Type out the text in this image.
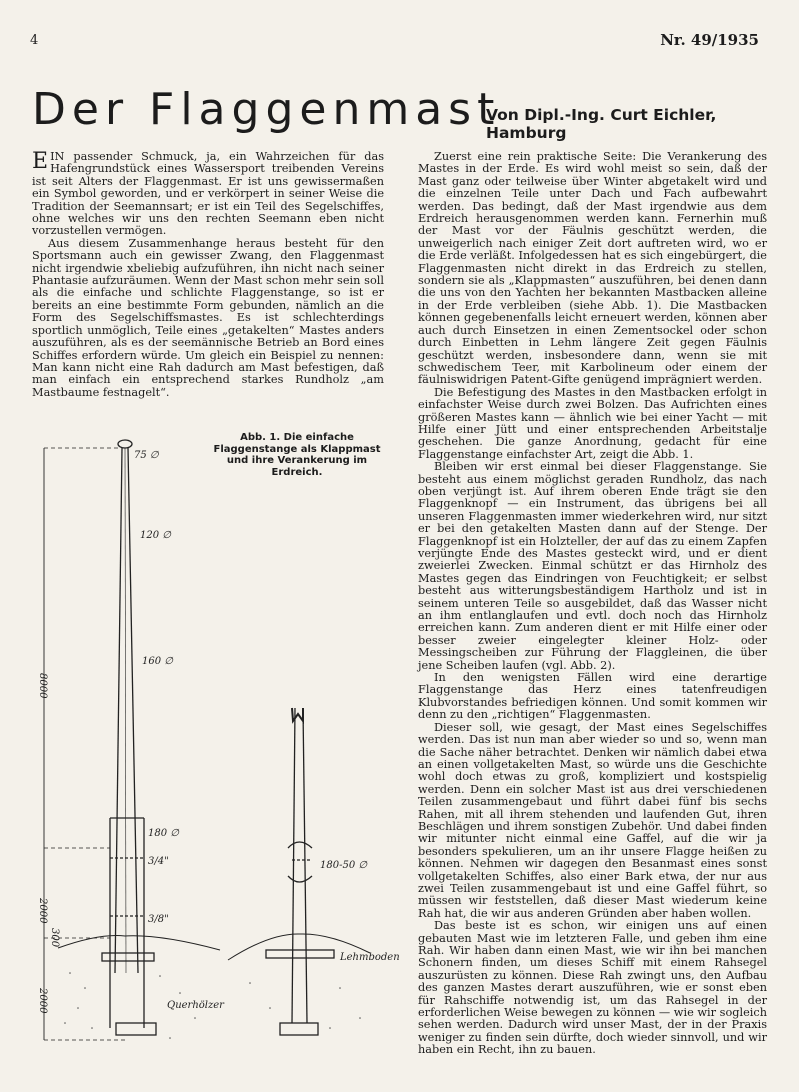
4	Nr. 49/1935
Der Flaggenmast
Von Dipl.-Ing. Curt Eichler, Hamburg

EIN passender Schmuck, ja, ein Wahrzeichen für das Hafengrundstück eines Wassersport treibenden Vereins ist seit Alters der Flaggenmast. Er ist uns gewissermaßen ein Symbol geworden, und er verkörpert in seiner Weise die Tradition der Seemannsart; er ist ein Teil des Segelschiffes, ohne welches wir uns den rechten Seemann eben nicht vorzustellen vermögen.

Aus diesem Zusammenhange heraus besteht für den Sportsmann auch ein gewisser Zwang, den Flaggenmast nicht irgendwie xbeliebig aufzuführen, ihn nicht nach seiner Phantasie aufzuräumen. Wenn der Mast schon mehr sein soll als die einfache und schlichte Flaggenstange, so ist er bereits an eine bestimmte Form gebunden, nämlich an die Form des Segelschiffsmastes. Es ist schlechterdings sportlich unmöglich, Teile eines „getakelten“ Mastes anders auszuführen, als es der seemännische Betrieb an Bord eines Schiffes erfordern würde. Um gleich ein Beispiel zu nennen: Man kann nicht eine Rah dadurch am Mast befestigen, daß man einfach ein entsprechend starkes Rundholz „am Mastbaume festnagelt“.

Abb. 1. Die einfache Flaggenstange als Klappmast und ihre Verankerung im Erdreich.
75 ∅
120 ∅
160 ∅
180 ∅
3/4"
3/8"
8000
2000
2000
300
180-50 ∅
Lehmboden
Querhölzer

Zuerst eine rein praktische Seite: Die Verankerung des Mastes in der Erde. Es wird wohl meist so sein, daß der Mast ganz oder teilweise über Winter abgetakelt wird und die einzelnen Teile unter Dach und Fach aufbewahrt werden. Das bedingt, daß der Mast irgendwie aus dem Erdreich herausgenommen werden kann. Fernerhin muß der Mast vor der Fäulnis geschützt werden, die unweigerlich nach einiger Zeit dort auftreten wird, wo er die Erde verläßt. Infolgedessen hat es sich eingebürgert, die Flaggenmasten nicht direkt in das Erdreich zu stellen, sondern sie als „Klappmasten“ auszuführen, bei denen dann die uns von den Yachten her bekannten Mastbacken alleine in der Erde verbleiben (siehe Abb. 1). Die Mastbacken können gegebenenfalls leicht erneuert werden, können aber auch durch Einsetzen in einen Zementsockel oder schon durch Einbetten in Lehm längere Zeit gegen Fäulnis geschützt werden, insbesondere dann, wenn sie mit schwedischem Teer, mit Karbolineum oder einem der fäulniswidrigen Patent-Gifte genügend imprägniert werden.

Die Befestigung des Mastes in den Mastbacken erfolgt in einfachster Weise durch zwei Bolzen. Das Aufrichten eines größeren Mastes kann — ähnlich wie bei einer Yacht — mit Hilfe einer Jütt und einer entsprechenden Arbeitstalje geschehen. Die ganze Anordnung, gedacht für eine Flaggenstange einfachster Art, zeigt die Abb. 1.

Bleiben wir erst einmal bei dieser Flaggenstange. Sie besteht aus einem möglichst geraden Rundholz, das nach oben verjüngt ist. Auf ihrem oberen Ende trägt sie den Flaggenknopf — ein Instrument, das übrigens bei all unseren Flaggenmasten immer wiederkehren wird, nur sitzt er bei den getakelten Masten dann auf der Stenge. Der Flaggenknopf ist ein Holzteller, der auf das zu einem Zapfen verjüngte Ende des Mastes gesteckt wird, und er dient zweierlei Zwecken. Einmal schützt er das Hirnholz des Mastes gegen das Eindringen von Feuchtigkeit; er selbst besteht aus witterungsbeständigem Hartholz und ist in seinem unteren Teile so ausgebildet, daß das Wasser nicht an ihm entlanglaufen und evtl. doch noch das Hirnholz erreichen kann. Zum anderen dient er mit Hilfe einer oder besser zweier eingelegter kleiner Holz- oder Messingscheiben zur Führung der Flaggleinen, die über jene Scheiben laufen (vgl. Abb. 2).

In den wenigsten Fällen wird eine derartige Flaggenstange das Herz eines tatenfreudigen Klubvorstandes befriedigen können. Und somit kommen wir denn zu den „richtigen“ Flaggenmasten.

Dieser soll, wie gesagt, der Mast eines Segelschiffes werden. Das ist nun man aber wieder so und so, wenn man die Sache näher betrachtet. Denken wir nämlich dabei etwa an einen vollgetakelten Mast, so würde uns die Geschichte wohl doch etwas zu groß, kompliziert und kostspielig werden. Denn ein solcher Mast ist aus drei verschiedenen Teilen zusammengebaut und führt dabei fünf bis sechs Rahen, mit all ihrem stehenden und laufenden Gut, ihren Beschlägen und ihrem sonstigen Zubehör. Und dabei finden wir mitunter nicht einmal eine Gaffel, auf die wir ja besonders spekulieren, um an ihr unsere Flagge heißen zu können. Nehmen wir dagegen den Besanmast eines sonst vollgetakelten Schiffes, also einer Bark etwa, der nur aus zwei Teilen zusammengebaut ist und eine Gaffel führt, so müssen wir feststellen, daß dieser Mast wiederum keine Rah hat, die wir aus anderen Gründen aber haben wollen.

Das beste ist es schon, wir einigen uns auf einen gebauten Mast wie im letzteren Falle, und geben ihm eine Rah. Wir haben dann einen Mast, wie wir ihn bei manchen Schonern finden, um dieses Schiff mit einem Rahsegel auszurüsten zu können. Diese Rah zwingt uns, den Aufbau des ganzen Mastes derart auszuführen, wie er sonst eben für Rahschiffe notwendig ist, um das Rahsegel in der erforderlichen Weise bewegen zu können — wie wir sogleich sehen werden. Dadurch wird unser Mast, der in der Praxis weniger zu finden sein dürfte, doch wieder sinnvoll, und wir haben ein Recht, ihn zu bauen.
